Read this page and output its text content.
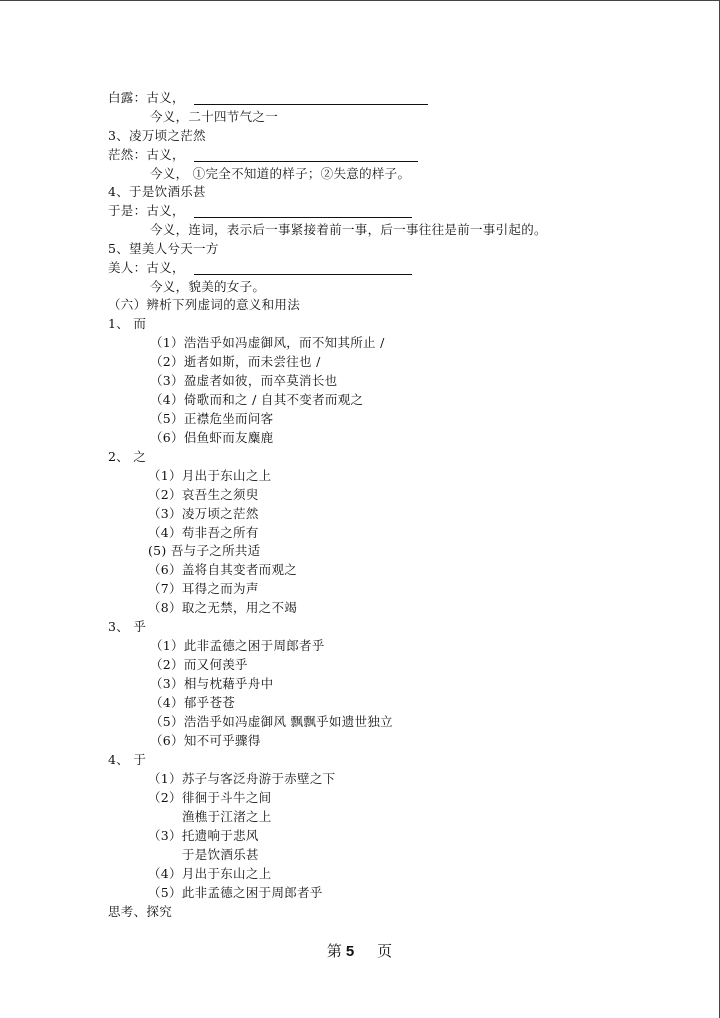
白露：古义，
今义，二十四节气之一
3、凌万顷之茫然
茫然：古义，
今义， ①完全不知道的样子；②失意的样子。
4、于是饮酒乐甚
于是：古义，
今义，连词，表示后一事紧接着前一事，后一事往往是前一事引起的。
5、望美人兮天一方
美人：古义，
今义，貌美的女子。
（六）辨析下列虚词的意义和用法
1、 而
（1）浩浩乎如冯虚御风，而不知其所止 /
（2）逝者如斯，而未尝往也 /
（3）盈虚者如彼，而卒莫消长也
（4）倚歌而和之 / 自其不变者而观之
（5）正襟危坐而问客
（6）侣鱼虾而友麋鹿
2、 之
（1）月出于东山之上
（2）哀吾生之须臾
（3）凌万顷之茫然
（4）苟非吾之所有
(5) 吾与子之所共适
（6）盖将自其变者而观之
（7）耳得之而为声
（8）取之无禁，用之不竭
3、 乎
（1）此非孟德之困于周郎者乎
（2）而又何羡乎
（3）相与枕藉乎舟中
（4）郁乎苍苍
（5）浩浩乎如冯虚御风 飘飘乎如遗世独立
（6）知不可乎骤得
4、 于
（1）苏子与客泛舟游于赤壁之下
（2）徘徊于斗牛之间
渔樵于江渚之上
（3）托遗响于悲风
于是饮酒乐甚
（4）月出于东山之上
（5）此非孟德之困于周郎者乎
思考、探究
第 5 页
